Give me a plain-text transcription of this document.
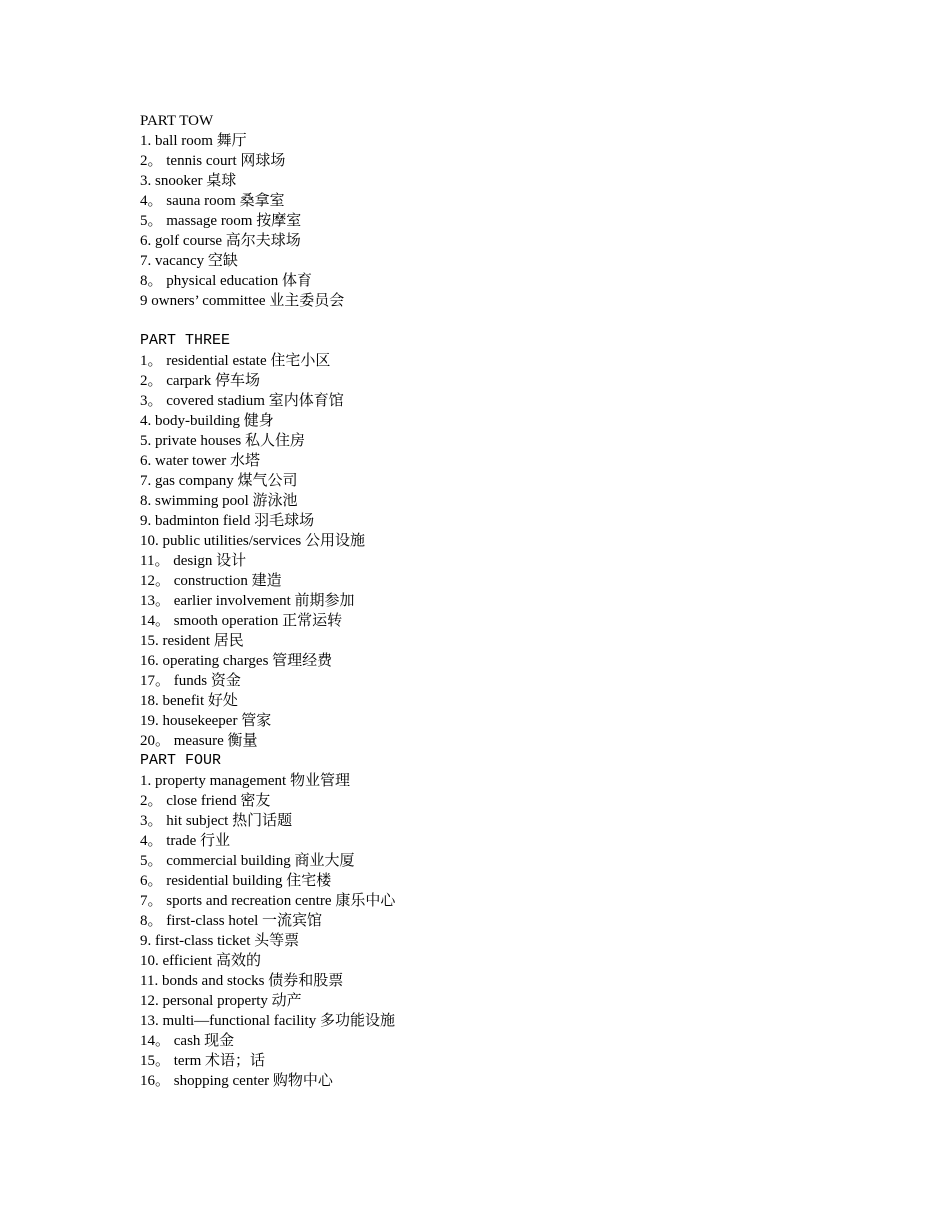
PART TOW
1. ball room 舞厅
2。 tennis court 网球场
3. snooker 桌球
4。 sauna room 桑拿室
5。 massage room 按摩室
6. golf course 高尔夫球场
7. vacancy 空缺
8。 physical education 体育
9 owners’ committee 业主委员会
PART THREE
1。 residential estate 住宅小区
2。 carpark 停车场
3。 covered stadium 室内体育馆
4. body-building 健身
5. private houses 私人住房
6. water tower 水塔
7. gas company 煤气公司
8. swimming pool 游泳池
9. badminton field 羽毛球场
10. public utilities/services 公用设施
11。 design 设计
12。 construction 建造
13。 earlier involvement 前期参加
14。 smooth operation 正常运转
15. resident 居民
16. operating charges 管理经费
17。 funds 资金
18. benefit 好处
19. housekeeper 管家
20。 measure 衡量
PART FOUR
1. property management 物业管理
2。 close friend 密友
3。 hit subject 热门话题
4。 trade 行业
5。 commercial building 商业大厦
6。 residential building 住宅楼
7。 sports and recreation centre 康乐中心
8。 first-class hotel 一流宾馆
9. first-class ticket 头等票
10. efficient 高效的
11. bonds and stocks 债券和股票
12. personal property 动产
13. multi—functional facility 多功能设施
14。 cash 现金
15。 term 术语；话
16。 shopping center 购物中心
